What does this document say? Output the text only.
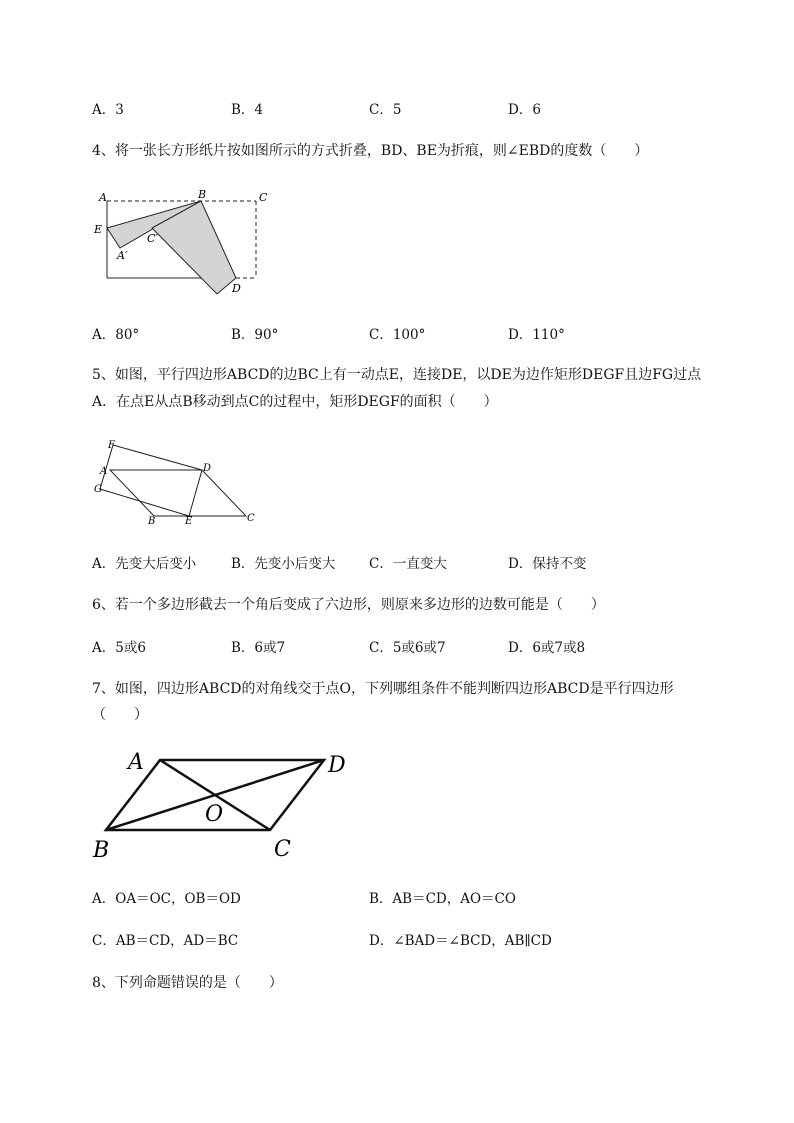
A．3	B．4	C．5	D．6
4、将一张长方形纸片按如图所示的方式折叠，BD、BE为折痕，则∠EBD的度数（　　）
A	B	C
E
A′
C′
D
A．80°	B．90°	C．100°	D．110°
5、如图，平行四边形ABCD的边BC上有一动点E，连接DE，以DE为边作矩形DEGF且边FG过点
A．在点E从点B移动到点C的过程中，矩形DEGF的面积（　　）
F
A	D
G
B	E	C
A．先变大后变小	B．先变小后变大 C．一直变大	D．保持不变
6、若一个多边形截去一个角后变成了六边形，则原来多边形的边数可能是（　　）
A．5或6	B．6或7	C．5或6或7	D．6或7或8
7、如图，四边形ABCD的对角线交于点O，下列哪组条件不能判断四边形ABCD是平行四边形
（　　）
A	D
O
B	C
A．OA＝OC，OB＝OD	B．AB＝CD，AO＝CO
C．AB＝CD，AD＝BC	D．∠BAD＝∠BCD，AB∥CD
8、下列命题错误的是（　　）
